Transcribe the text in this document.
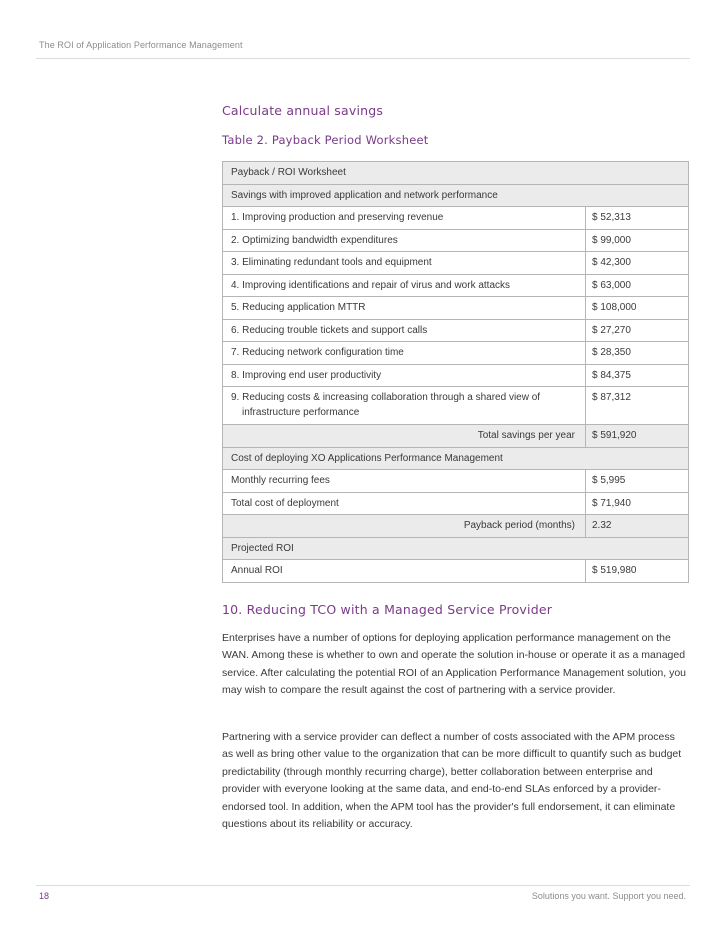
The ROI of Application Performance Management
Calculate annual savings
Table 2. Payback Period Worksheet
Payback / ROI Worksheet	
Savings with improved application and network performance	
1. Improving production and preserving revenue	$ 52,313
2. Optimizing bandwidth expenditures	$ 99,000
3. Eliminating redundant tools and equipment	$ 42,300
4. Improving identifications and repair of virus and work attacks	$ 63,000
5. Reducing application MTTR	$ 108,000
6. Reducing trouble tickets and support calls	$ 27,270
7. Reducing network configuration time	$ 28,350
8. Improving end user productivity	$ 84,375
9. Reducing costs & increasing collaboration through a shared view of
infrastructure performance	$ 87,312
Total savings per year	$ 591,920
Cost of deploying XO Applications Performance Management	
Monthly recurring fees	$ 5,995
Total cost of deployment	$ 71,940
Payback period (months)	2.32
Projected ROI	
Annual ROI	$ 519,980
10. Reducing TCO with a Managed Service Provider

Enterprises have a number of options for deploying application performance management on the WAN. Among these is whether to own and operate the solution in-house or operate it as a managed service. After calculating the potential ROI of an Application Performance Management solution, you may wish to compare the result against the cost of partnering with a service provider.

Partnering with a service provider can deflect a number of costs associated with the APM process as well as bring other value to the organization that can be more difficult to quantify such as budget predictability (through monthly recurring charge), better collaboration between enterprise and provider with everyone looking at the same data, and end-to-end SLAs enforced by a provider-endorsed tool. In addition, when the APM tool has the provider's full endorsement, it can eliminate questions about its reliability or accuracy.

18	Solutions you want. Support you need.
